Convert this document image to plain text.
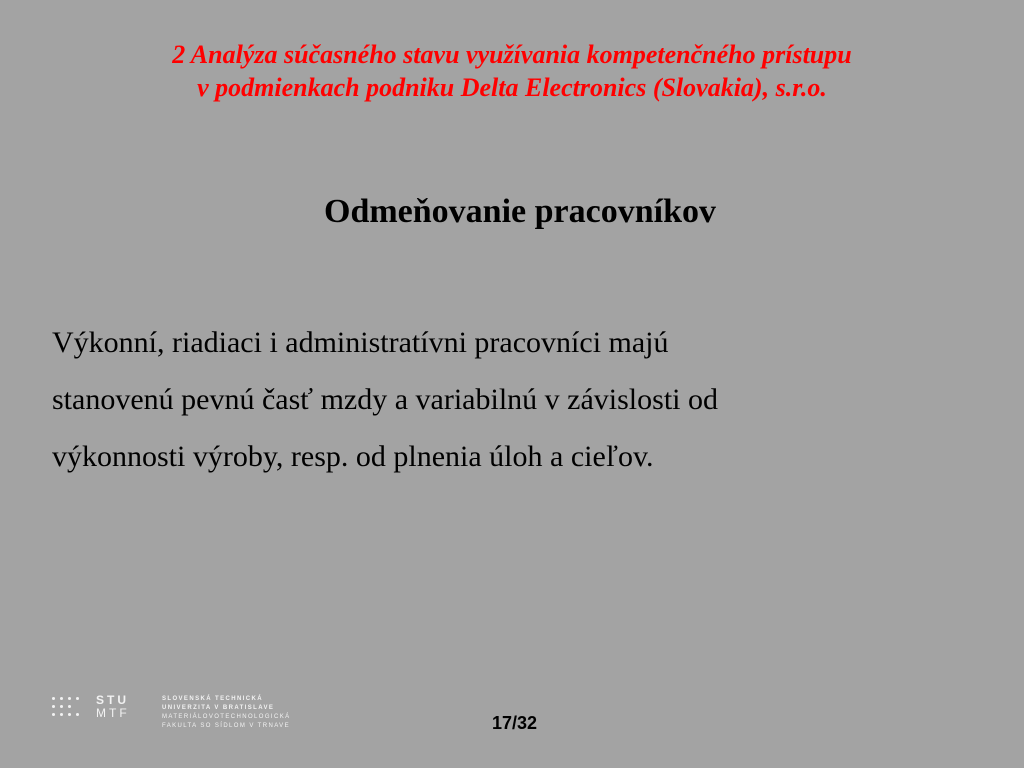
2 Analýza súčasného stavu využívania kompetenčného prístupu
v podmienkach podniku Delta Electronics (Slovakia), s.r.o.
Odmeňovanie pracovníkov
Výkonní, riadiaci i administratívni pracovníci majú
stanovenú pevnú časť mzdy a variabilnú v závislosti od
výkonnosti výroby, resp. od plnenia úloh a cieľov.
STU
MTF
SLOVENSKÁ TECHNICKÁ
UNIVERZITA V BRATISLAVE
MATERIÁLOVOTECHNOLOGICKÁ
FAKULTA SO SÍDLOM V TRNAVE	17/32
